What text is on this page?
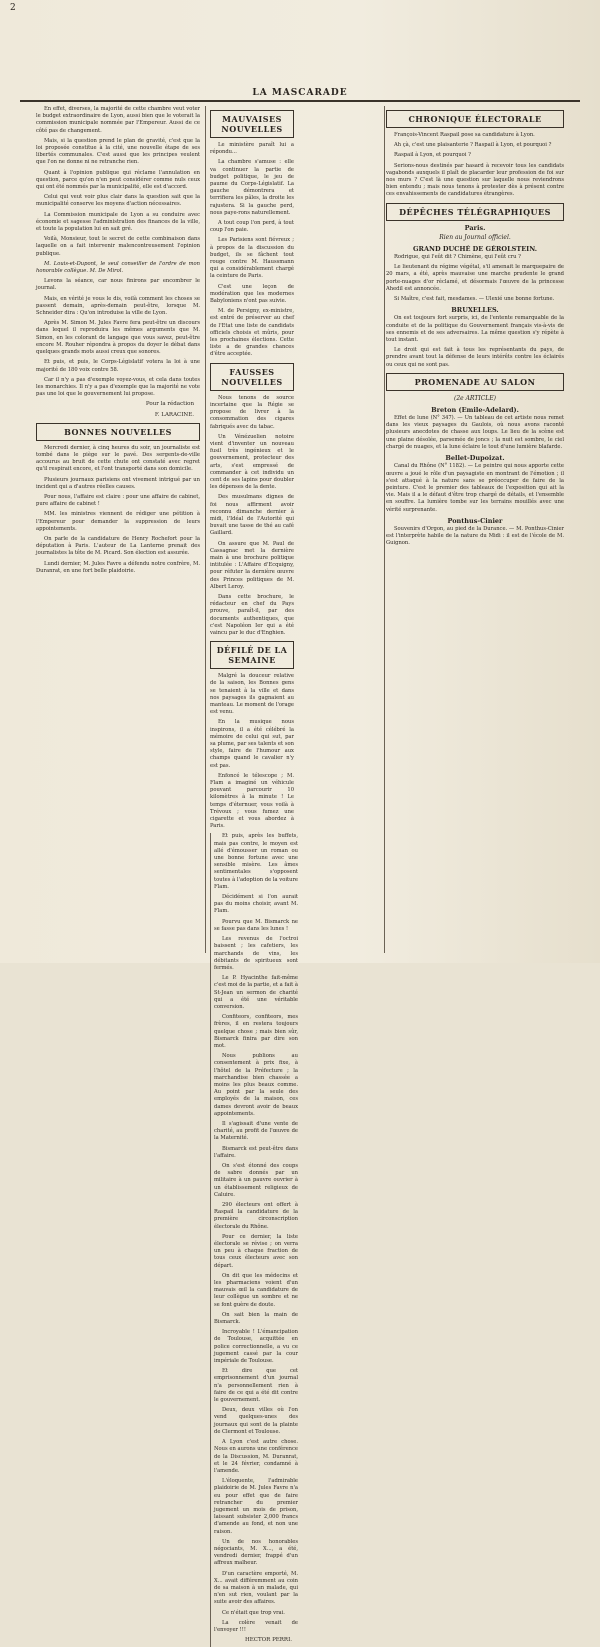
2
LA MASCARADE

En effet, diverses, la majorité de cette chambre veut voter le budget extraordinaire de Lyon, aussi bien que le voterait la commission municipale nommée par l'Empereur. Aussi de ce côté pas de changement.

Mais, si la question prend le plan de gravité, c'est que la loi proposée constitue à la cité, une nouvelle étape de ses libertés communales. C'est aussi que les principes veulent que l'on ne donne ni ne retranche rien.

Quant à l'opinion publique qui réclame l'annulation en question, parce qu'on n'en peut considérer comme nuls ceux qui ont été nommés par la municipalité, elle est d'accord.

Celui qui veut voir plus clair dans la question sait que la municipalité conserve les moyens d'action nécessaires.

La Commission municipale de Lyon a su conduire avec économie et sagesse l'administration des finances de la ville, et toute la population lui en sait gré.

Voilà, Monsieur, tout le secret de cette combinaison dans laquelle on a fait intervenir malencontreusement l'opinion publique.

M. Louis-et-Dupont, le seul conseiller de l'ordre de mon honorable collègue. M. De Mirol.

Levons la séance, car nous finirons par encombrer le journal.

Mais, en vérité je vous le dis, voilà comment les choses se passent demain, après-demain peut-être, lorsque M. Schneider dira : Qu'on introduise la ville de Lyon.

Après M. Simon M. Jules Favre fera peut-être un discours dans lequel il reproduira les mêmes arguments que M. Simon, en les colorant de langage que vous savez, peut-être encore M. Rouher répondra à propos du doyer le débat dans quelques grands mots aussi creux que sonores.

Et puis, et puis, le Corps-Législatif votera la loi à une majorité de 180 voix contre 58.

Car il n'y a pas d'exemple voyez-vous, et cela dans toutes les monarchies. Il n'y a pas d'exemple que la majorité ne vote pas une loi que le gouvernement lui propose.

Pour la rédaction
F. LARACINE.
BONNES NOUVELLES

Mercredi dernier, à cinq heures du soir, un journaliste est tombé dans le piège sur le pavé. Des sergents-de-ville accourus au bruit de cette chute ont constaté avec regret qu'il respirait encore, et l'ont transporté dans son domicile.

Plusieurs journaux parisiens ont vivement intrigué par un incident qui a d'autres réelles causes.

Pour nous, l'affaire est claire : pour une affaire de cabinet, pure affaire de cabinet !

MM. les ministres viennent de rédiger une pétition à l'Empereur pour demander la suppression de leurs appointements.

On parle de la candidature de Henry Rochefort pour la députation à Paris. L'auteur de La Lanterne prenait des journalistes la tête de M. Picard. Son élection est assurée.

Lundi dernier, M. Jules Favre a défendu notre confrère, M. Duranrat, en une fort belle plaidoirie.

MAUVAISES NOUVELLES

Le ministère paraît lui a répondu...

La chambre s'amuse : elle va continuer la partie de budget politique, le jeu de paume du Corps-Législatif. La gauche démontrera et terrifiera les pâles, la droite les rajustera. Si la gauche perd, nous paye-rons naturellement.

A tout coup l'on perd, à tout coup l'on paie.

Les Parisiens sont fiévreux ; à propos de la discussion du budget, ils se fâchent tout rouge contre M. Haussmann qui a considérablement chargé la ceinture de Paris.

C'est une leçon de modération que les modernes Babyloniens n'ont pas suivie.

M. de Persigny, ex-ministre, est entré de préserver au chef de l'Etat une liste de candidats officiels choisis et mûris, pour les prochaines élections. Cette liste a de grandes chances d'être acceptée.

FAUSSES NOUVELLES

Nous tenons de source incertaine que la Régie se propose de livrer à la consommation des cigares fabriqués avec du tabac.

Un Vénézuelien notoire vient d'inventer un nouveau fusil très ingénieux et le gouvernement, protecteur des arts, s'est empressé de commander à cet individu un cent de ses lapins pour doubler les dépenses de la dente.

Des musulmans dignes de foi nous affirment avoir reconnu dimanche dernier à midi, l'Idéal de l'Autorité qui buvait une tasse de thé au café Gaillard.

On assure que M. Paul de Cassagnac met la dernière main à une brochure politique intitulée : L'Affaire d'Ecquigny, pour réfuter la dernière œuvre des Princes politiques de M. Albert Leroy.

Dans cette brochure, le rédacteur en chef du Pays prouve, paraît-il, par des documents authentiques, que c'est Napoléon Ier qui a été vaincu par le duc d'Enghien.

DÉFILÉ DE LA SEMAINE

Malgré la douceur relative de la saison, les Bonnes gens se tenaient à la ville et dans nos paysages ils gagnaient au manteau. Le moment de l'orage est venu.

En la musique nous inspirons, il a été célébré la mémoire de celui qui sut, par sa plume, par ses talents et son style, faire de l'humour aux champs quand le cavalier n'y est pas.

Enfoncé le télescope ; M. Flam a imaginé un véhicule pouvant parcourir 10 kilomètres à la minute ! Le temps d'éternuer, vous voilà à Trévoux ; vous fumez une cigarette et vous abordez à Paris.

Et puis, après les buffets, mais pas contre, le moyen est allé d'émousser un roman ou une bonne fortune avec une sensible misère. Les âmes sentimentales s'opposent toutes à l'adoption de la voiture Flam.

Décidément si l'on aurait pas du moins choisir, avant M. Flam.

Pourvu que M. Bismarck ne se fasse pas dans les lunes !

Les revenus de l'octroi baissent ; les cafetiers, les marchands de vins, les débitants de spiritueux sont fermés.

Le P. Hyacinthe fait-même c'est moi de la partie, et a fait à St-Jean un sermon de charité qui a été une véritable conversion.

Confiteors, confiteors, mes frères, il en restera toujours quelque chose ; mais bien sûr, Bismarck finira par dire son mot.

Nous publions au consentement à prix fixe, à l'hôtel de la Préfecture ; la marchandise bien chassée a moins les plus beaux comme. Au point par la seule des employés de la maison, ces dames devront avoir de beaux appointements.

Il s'agissait d'une vente de charité, au profit de l'œuvre de la Maternité.

Bismarck est peut-être dans l'affaire.

On s'est étonné des coups de sabre donnés par un militaire à un pauvre ouvrier à un établissement religieux de Caluire.

290 électeurs ont offert à Raspail la candidature de la première circonscription électorale du Rhône.

Pour ce dernier, la liste électorale se révise ; on verra un peu à chaque fraction de tous ceux électeurs avec son départ.

On dit que les médecins et les pharmaciens voient d'un mauvais œil la candidature de leur collègue un sombre et ne se font guère de doute.

On sait bien la main de Bismarck.

Incroyable ! L'émancipation de Toulouse, acquittée en police correctionnelle, a vu ce jugement cassé par la cour impériale de Toulouse.

Et dire que cet emprisonnement d'un journal n'a personnellement rien à faire de ce qui a été dit contre le gouvernement.

Deux, deux villes où l'on vend quelques-unes des journaux qui sont de la plainte de Clermont et Toulouse.

A Lyon c'est autre chose. Nous en aurons une conférence de la Discussion, M. Duranrat, et le 24 février, condamné à l'amende.

L'éloquente, l'admirable plaidoirie de M. Jules Favre n'a eu pour effet que de faire retrancher du premier jugement un mois de prison, laissant subsister 2,000 francs d'amende au fond, et non une raison.

Un de nos honorables négociants, M. X..., a été, vendredi dernier, frappé d'un affreux malheur.

D'un caractère emporté, M. X... avait différemment au coin de sa maison à un malade, qui n'en sut rien, voulant par la suite avoir des affaires.

Ce n'était que trop vrai.

La colère venait de l'envoyer !!!

HECTOR PERRI.
CHRONIQUE ÉLECTORALE

François-Vincent Raspail pose sa candidature à Lyon.

Ah çà, c'est une plaisanterie ? Raspail à Lyon, et pourquoi ?

Raspail à Lyon, et pourquoi ?

Serions-nous destinés par hasard à recevoir tous les candidats vagabonds auxquels il plaît de placarder leur profession de foi sur nos murs ? C'est là une question sur laquelle nous reviendrons bien entendu ; mais nous tenons à protester dès à présent contre ces envahissements de candidatures étrangères.

DÉPÊCHES TÉLÉGRAPHIQUES
Paris.
Rien au Journal officiel.
GRAND DUCHÉ DE GÉROLSTEIN.

Rodrigue, qui l'eût dit ? Chimène, qui l'eût cru ?

Le lieutenant du régime végétal, s'il amenait le marquepaire de 20 mars, a été, après mauvaise une marche prudente le grand porte-nuages d'or réclamé, et désormais l'œuvre de la princesse Ahedil est annoncée.

Si Maître, c'est fait, mesdames. — Ulexié une bonne fortune.

BRUXELLES.

On est toujours fort surpris, ici, de l'entente remarquable de la conduite et de la politique du Gouvernement français vis-à-vis de ses ennemis et de ses adversaires. La même question s'y répète à tout instant.

Le droit qui est fait à tous les représentants du pays, de prendre avant tout la défense de leurs intérêts contre les éclairés ou ceux qui ne sont pas.

PROMENADE AU SALON
(2e ARTICLE)
Breton (Emile-Adelard).

Effet de lune (N° 347). — Un tableau de cet artiste nous remet dans les vieux paysages du Gaulois, où nous avons raconté plusieurs anecdotes de chasse aux loups. Le lieu de la scène est une plaine désolée, parsemée de joncs ; la nuit est sombre, le ciel chargé de nuages, et la lune éclaire le tout d'une lumière blafarde.

Bellet-Dupoizat.

Canal du Rhône (N° 1182). — Le peintre qui nous apporte cette œuvre a joué le rôle d'un paysagiste en montrant de l'émotion ; il s'est attaqué à la nature sans se préoccuper de faire de la peinture. C'est le premier des tableaux de l'exposition qui ait la vie. Mais il a le défaut d'être trop chargé de détails, et l'ensemble en souffre. La lumière tombe sur les terrains mouillés avec une vérité surprenante.

Ponthus-Cinier

Souvenirs d'Orgon, au pied de la Durance. — M. Ponthus-Cinier est l'interprète habile de la nature du Midi : il est de l'école de M. Guignon.
